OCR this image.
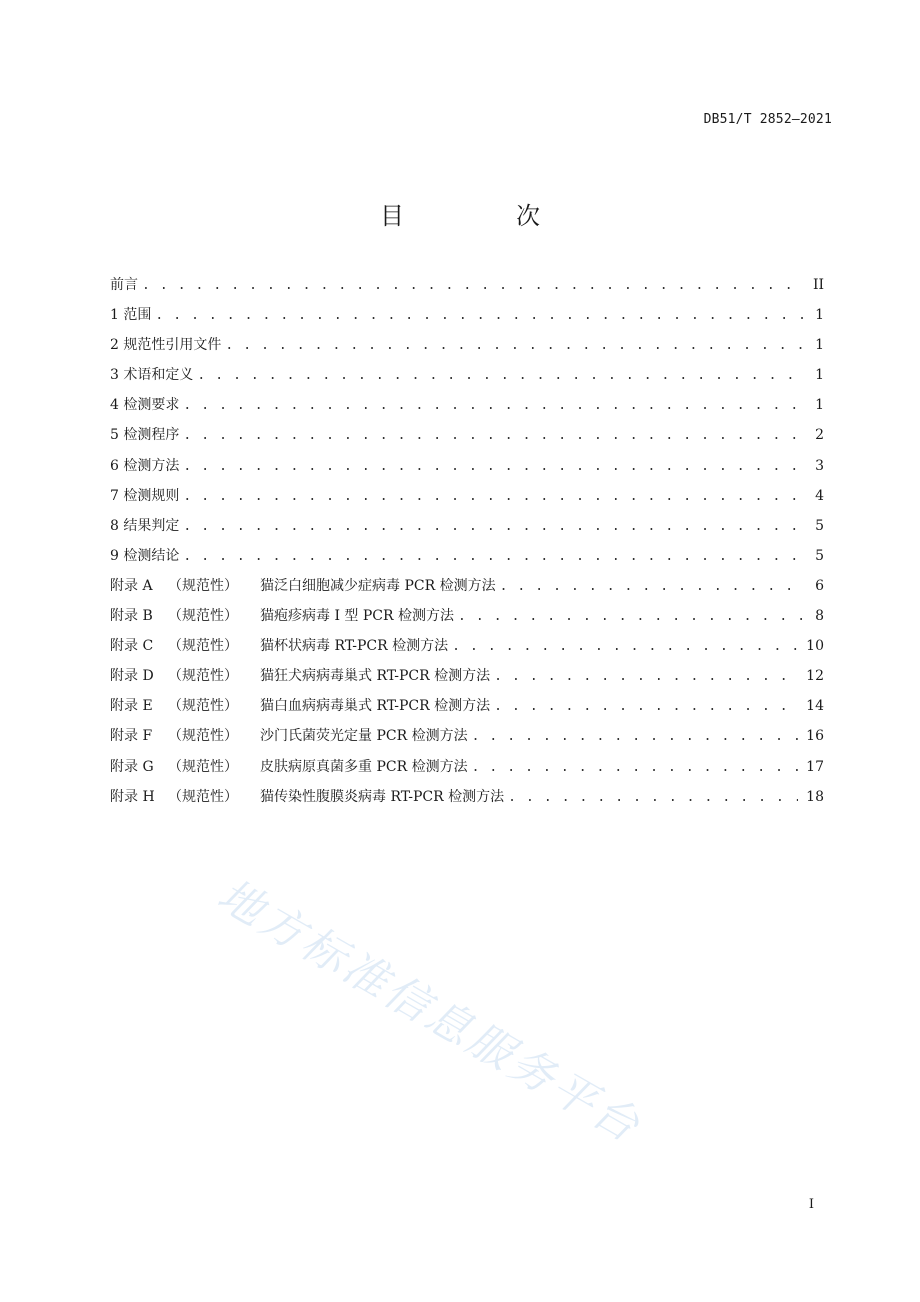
DB51/T 2852—2021
目　次
前言 . . .	II
1 范围 . . .	1
2 规范性引用文件 . . .	1
3 术语和定义 . . .	1
4 检测要求 . . .	1
5 检测程序 . . .	2
6 检测方法 . . .	3
7 检测规则 . . .	4
8 结果判定 . . .	5
9 检测结论 . . .	5
附录 A （规范性） 猫泛白细胞减少症病毒 PCR 检测方法 . . .	6
附录 B （规范性） 猫疱疹病毒 I 型 PCR 检测方法 . . .	8
附录 C （规范性） 猫杯状病毒 RT-PCR 检测方法 . . .	10
附录 D （规范性） 猫狂犬病病毒巢式 RT-PCR 检测方法 . . .	12
附录 E （规范性） 猫白血病病毒巢式 RT-PCR 检测方法 . . .	14
附录 F （规范性） 沙门氏菌荧光定量 PCR 检测方法 . . .	16
附录 G （规范性） 皮肤病原真菌多重 PCR 检测方法 . . .	17
附录 H （规范性） 猫传染性腹膜炎病毒 RT-PCR 检测方法 . . .	18
地方标准信息服务平台
I
